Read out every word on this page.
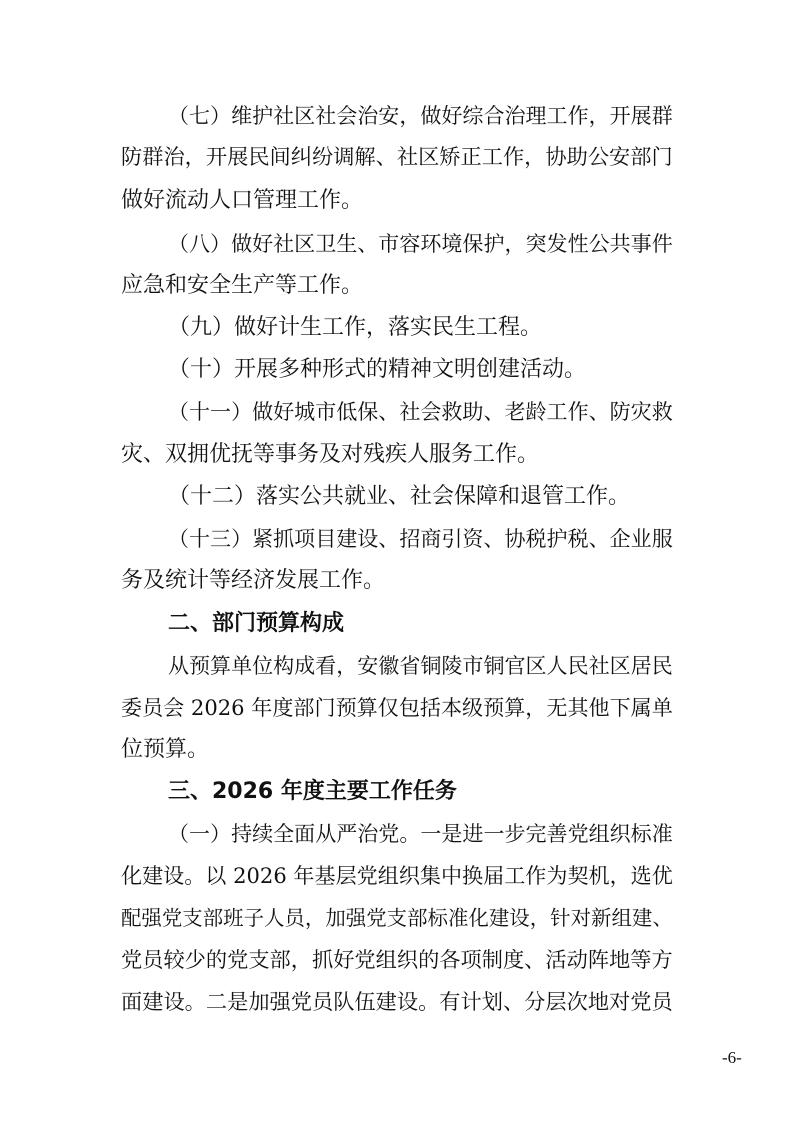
（七）维护社区社会治安，做好综合治理工作，开展群
防群治，开展民间纠纷调解、社区矫正工作，协助公安部门
做好流动人口管理工作。
（八）做好社区卫生、市容环境保护，突发性公共事件
应急和安全生产等工作。
（九）做好计生工作，落实民生工程。
（十）开展多种形式的精神文明创建活动。
（十一）做好城市低保、社会救助、老龄工作、防灾救
灾、双拥优抚等事务及对残疾人服务工作。
（十二）落实公共就业、社会保障和退管工作。
（十三）紧抓项目建设、招商引资、协税护税、企业服
务及统计等经济发展工作。
二、部门预算构成
从预算单位构成看，安徽省铜陵市铜官区人民社区居民
委员会 2026 年度部门预算仅包括本级预算，无其他下属单
位预算。
三、2026 年度主要工作任务
（一）持续全面从严治党。一是进一步完善党组织标准
化建设。以 2026 年基层党组织集中换届工作为契机，选优
配强党支部班子人员，加强党支部标准化建设，针对新组建、
党员较少的党支部，抓好党组织的各项制度、活动阵地等方
面建设。二是加强党员队伍建设。有计划、分层次地对党员
-6-
